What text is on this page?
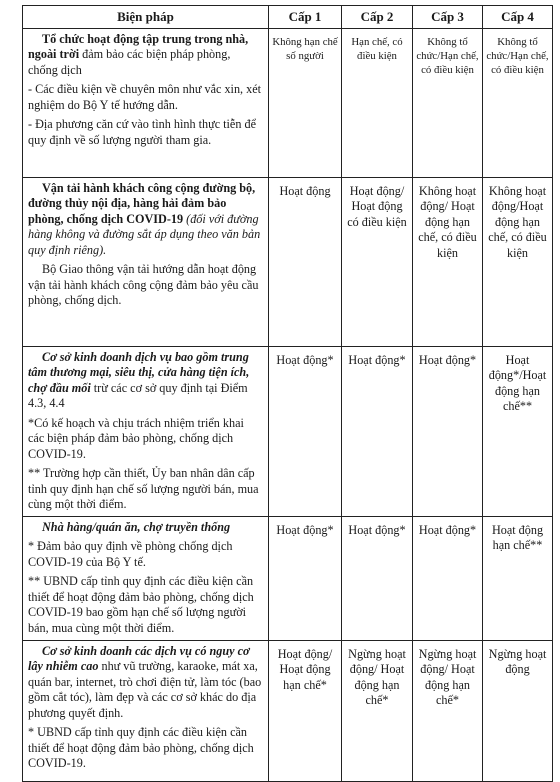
Biện pháp	Cấp 1	Cấp 2	Cấp 3	Cấp 4

Tổ chức hoạt động tập trung trong nhà, ngoài trời đảm bảo các biện pháp phòng, chống dịch
- Các điều kiện về chuyên môn như vắc xin, xét nghiệm do Bộ Y tế hướng dẫn.
- Địa phương căn cứ vào tình hình thực tiễn để quy định về số lượng người tham gia.	Không hạn chế số người	Hạn chế, có điều kiện	Không tổ chức/Hạn chế, có điều kiện	Không tổ chức/Hạn chế, có điều kiện

Vận tải hành khách công cộng đường bộ, đường thủy nội địa, hàng hải đảm bảo phòng, chống dịch COVID-19 (đối với đường hàng không và đường sắt áp dụng theo văn bản quy định riêng).
Bộ Giao thông vận tải hướng dẫn hoạt động vận tải hành khách công cộng đảm bảo yêu cầu phòng, chống dịch.	Hoạt động	Hoạt động/ Hoạt động có điều kiện	Không hoạt động/ Hoạt động hạn chế, có điều kiện	Không hoạt động/Hoạt động hạn chế, có điều kiện

Cơ sở kinh doanh dịch vụ bao gồm trung tâm thương mại, siêu thị, cửa hàng tiện ích, chợ đầu mối trừ các cơ sở quy định tại Điểm 4.3, 4.4
*Có kế hoạch và chịu trách nhiệm triển khai các biện pháp đảm bảo phòng, chống dịch COVID-19.
** Trường hợp cần thiết, Ủy ban nhân dân cấp tỉnh quy định hạn chế số lượng người bán, mua cùng một thời điểm.	Hoạt động*	Hoạt động*	Hoạt động*	Hoạt động*/Hoạt động hạn chế**

Nhà hàng/quán ăn, chợ truyền thống
* Đảm bảo quy định về phòng chống dịch COVID-19 của Bộ Y tế.
** UBND cấp tỉnh quy định các điều kiện cần thiết để hoạt động đảm bảo phòng, chống dịch COVID-19 bao gồm hạn chế số lượng người bán, mua cùng một thời điểm.	Hoạt động*	Hoạt động*	Hoạt động*	Hoạt động hạn chế**

Cơ sở kinh doanh các dịch vụ có nguy cơ lây nhiễm cao như vũ trường, karaoke, mát xa, quán bar, internet, trò chơi điện tử, làm tóc (bao gồm cắt tóc), làm đẹp và các cơ sở khác do địa phương quyết định.
* UBND cấp tỉnh quy định các điều kiện cần thiết để hoạt động đảm bảo phòng, chống dịch COVID-19.	Hoạt động/ Hoạt động hạn chế*	Ngừng hoạt động/ Hoạt động hạn chế*	Ngừng hoạt động/ Hoạt động hạn chế*	Ngừng hoạt động
